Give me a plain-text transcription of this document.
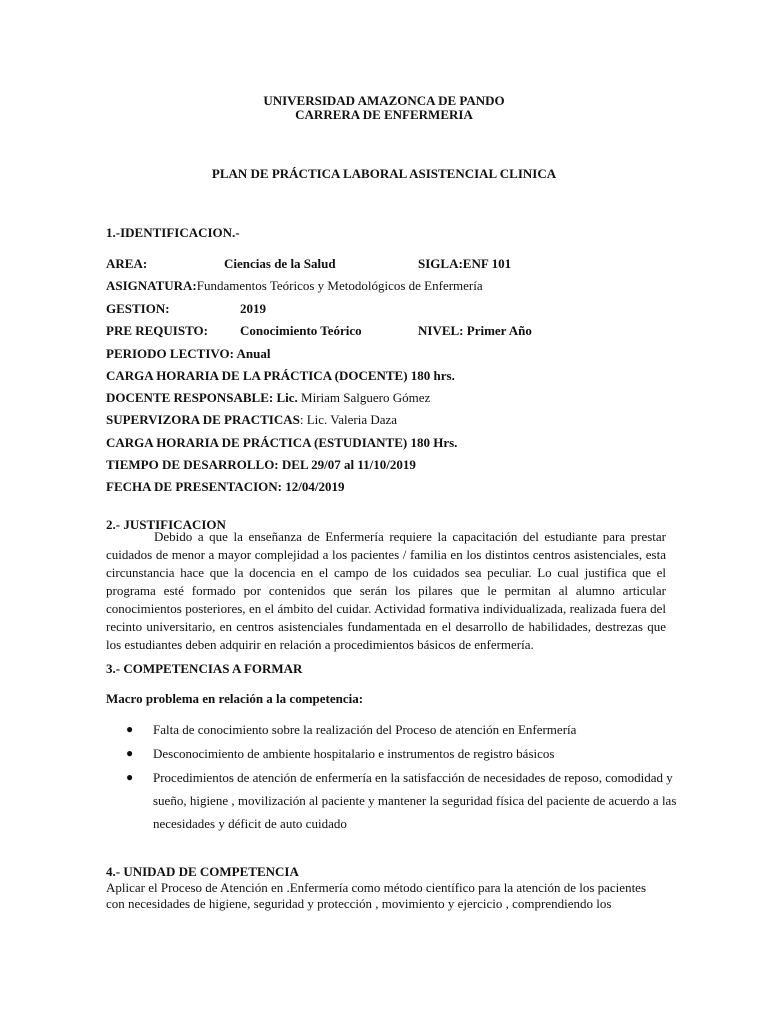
UNIVERSIDAD AMAZONCA DE PANDO
CARRERA DE ENFERMERIA
PLAN DE PRÁCTICA LABORAL ASISTENCIAL CLINICA
1.-IDENTIFICACION.-
AREA:	Ciencias de la Salud	SIGLA:ENF 101
ASIGNATURA:Fundamentos Teóricos y Metodológicos de Enfermería
GESTION:	2019
PRE REQUISTO: Conocimiento Teórico	NIVEL: Primer Año
PERIODO LECTIVO: Anual
CARGA HORARIA DE LA PRÁCTICA (DOCENTE) 180 hrs.
DOCENTE RESPONSABLE: Lic. Miriam Salguero Gómez
SUPERVIZORA DE PRACTICAS: Lic. Valeria Daza
CARGA HORARIA DE PRÁCTICA (ESTUDIANTE) 180 Hrs.
TIEMPO DE DESARROLLO: DEL 29/07 al 11/10/2019
FECHA DE PRESENTACION: 12/04/2019
2.- JUSTIFICACION
Debido a que la enseñanza de Enfermería requiere la capacitación del estudiante para prestar cuidados de menor a mayor complejidad a los pacientes / familia en los distintos centros asistenciales, esta circunstancia hace que la docencia en el campo de los cuidados sea peculiar. Lo cual justifica que el programa esté formado por contenidos que serán los pilares que le permitan al alumno articular conocimientos posteriores, en el ámbito del cuidar. Actividad formativa individualizada, realizada fuera del recinto universitario, en centros asistenciales fundamentada en el desarrollo de habilidades, destrezas que los estudiantes deben adquirir en relación a procedimientos básicos de enfermería.
3.- COMPETENCIAS A FORMAR
Macro problema en relación a la competencia:
● Falta de conocimiento sobre la realización del Proceso de atención en Enfermería
● Desconocimiento de ambiente hospitalario e instrumentos de registro básicos
● Procedimientos de atención de enfermería en la satisfacción de necesidades de reposo, comodidad y
sueño, higiene , movilización al paciente y mantener la seguridad física del paciente de acuerdo a las
necesidades y déficit de auto cuidado
4.- UNIDAD DE COMPETENCIA
Aplicar el Proceso de Atención en .Enfermería como método científico para la atención de los pacientes
con necesidades de higiene, seguridad y protección , movimiento y ejercicio , comprendiendo los
